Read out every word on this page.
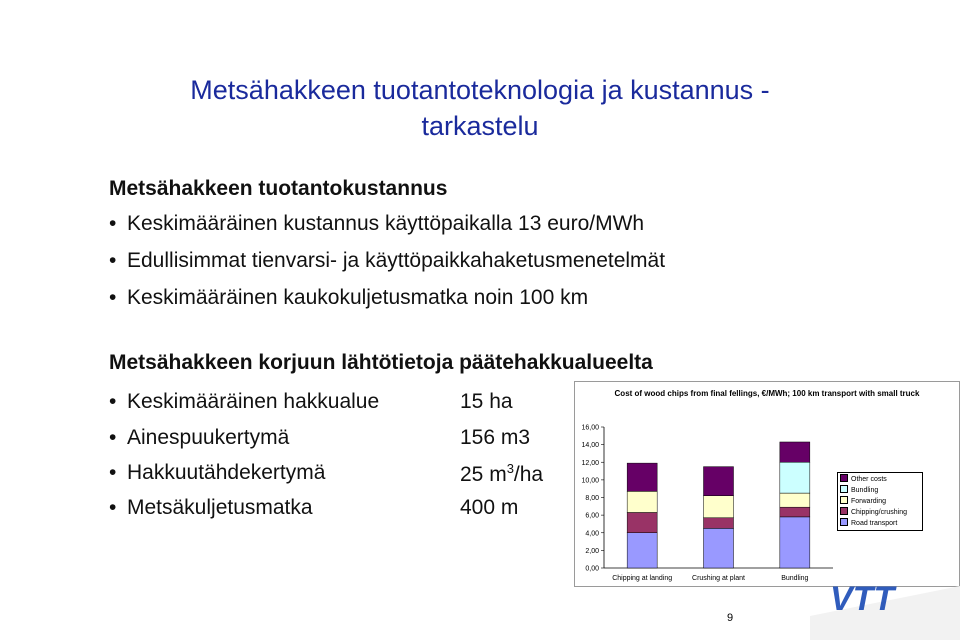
Metsähakkeen tuotantoteknologia ja kustannus -
tarkastelu
Metsähakkeen tuotantokustannus
• Keskimääräinen kustannus käyttöpaikalla 13 euro/MWh
• Edullisimmat tienvarsi- ja käyttöpaikkahaketusmenetelmät
• Keskimääräinen kaukokuljetusmatka noin 100 km
Metsähakkeen korjuun lähtötietoja päätehakkualueelta
• Keskimääräinen hakkualue	15 ha
• Ainespuukertymä	156 m3
• Hakkuutähdekertymä	25 $m^3/ha$
• Metsäkuljetusmatka	400 m
Cost of wood chips from final fellings, €/MWh; 100 km transport with small truck
0,00
2,00
4,00
6,00
8,00
10,00
12,00
14,00
16,00
Chipping at landing	Crushing at plant	Bundling
Other costs
Bundling
Forwarding
Chipping/crushing
Road transport
VTT
9
